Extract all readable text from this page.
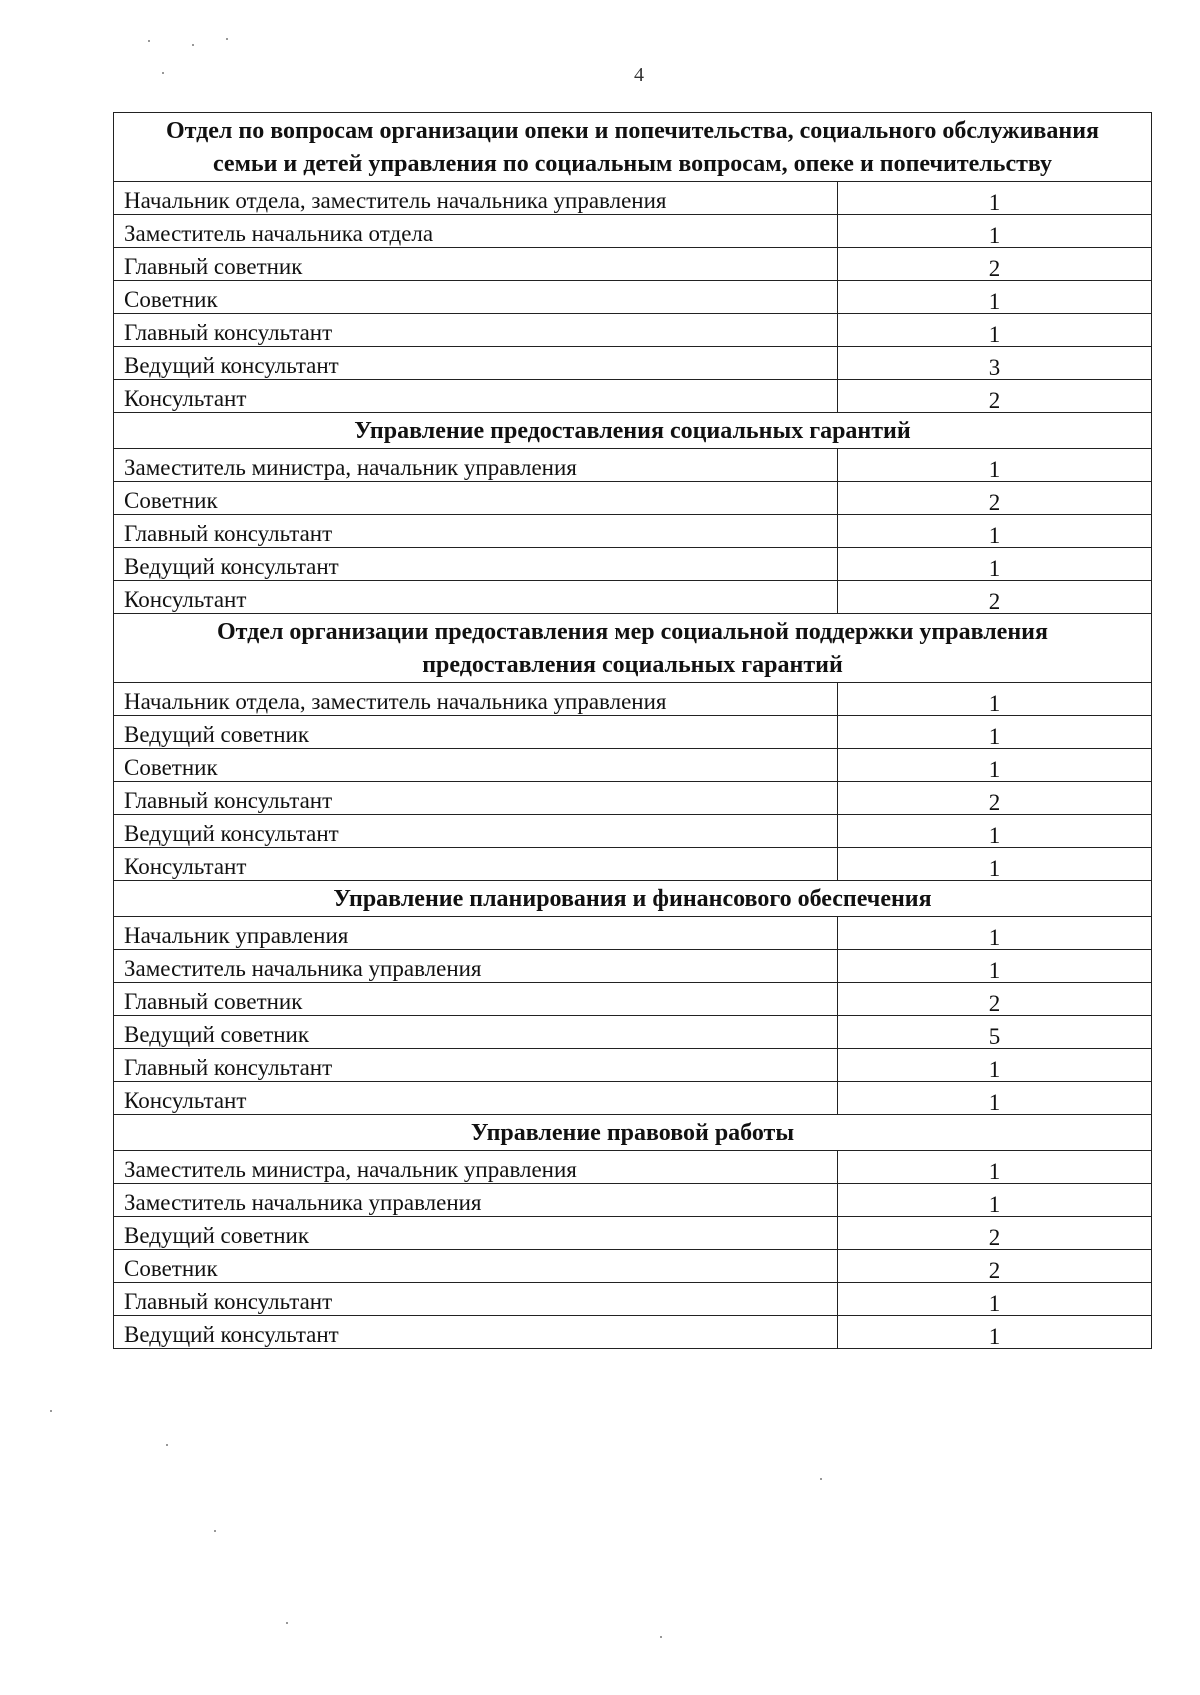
4
Отдел по вопросам организации опеки и попечительства, социального обслуживания семьи и детей управления по социальным вопросам, опеке и попечительству	
Начальник отдела, заместитель начальника управления	1
Заместитель начальника отдела	1
Главный советник	2
Советник	1
Главный консультант	1
Ведущий консультант	3
Консультант	2
Управление предоставления социальных гарантий	
Заместитель министра, начальник управления	1
Советник	2
Главный консультант	1
Ведущий консультант	1
Консультант	2
Отдел организации предоставления мер социальной поддержки управления предоставления социальных гарантий	
Начальник отдела, заместитель начальника управления	1
Ведущий советник	1
Советник	1
Главный консультант	2
Ведущий консультант	1
Консультант	1
Управление планирования и финансового обеспечения	
Начальник управления	1
Заместитель начальника управления	1
Главный советник	2
Ведущий советник	5
Главный консультант	1
Консультант	1
Управление правовой работы	
Заместитель министра, начальник управления	1
Заместитель начальника управления	1
Ведущий советник	2
Советник	2
Главный консультант	1
Ведущий консультант	1
